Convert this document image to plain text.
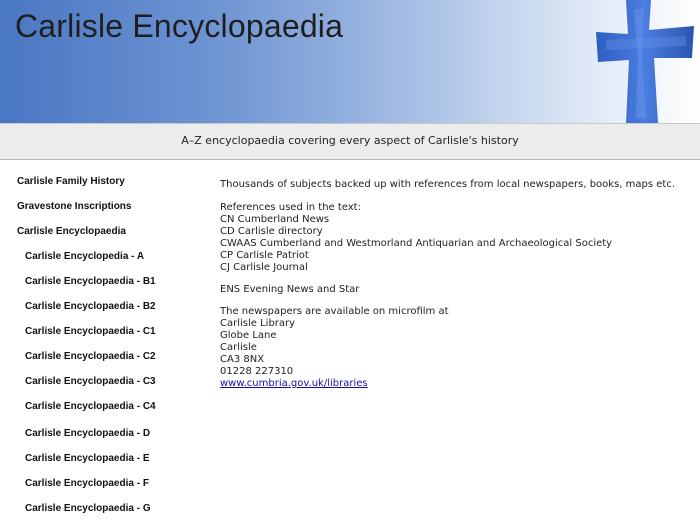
Carlisle Encyclopaedia
A–Z encyclopaedia covering every aspect of Carlisle's history
Carlisle Family History
Gravestone Inscriptions
Carlisle Encyclopaedia
Carlisle Encyclopedia - A
Carlisle Encyclopaedia - B1
Carlisle Encyclopaedia - B2
Carlisle Encyclopaedia - C1
Carlisle Encyclopaedia - C2
Carlisle Encyclopaedia - C3
Carlisle Encyclopaedia - C4
Carlisle Encyclopaedia - D
Carlisle Encyclopaedia - E
Carlisle Encyclopaedia - F
Carlisle Encyclopaedia - G
Thousands of subjects backed up with references from local newspapers, books, maps etc.
References used in the text:
CN Cumberland News
CD Carlisle directory
CWAAS Cumberland and Westmorland Antiquarian and Archaeological Society
CP Carlisle Patriot
CJ Carlisle Journal
ENS Evening News and Star
The newspapers are available on microfilm at
Carlisle Library
Globe Lane
Carlisle
CA3 8NX
01228 227310
www.cumbria.gov.uk/libraries
